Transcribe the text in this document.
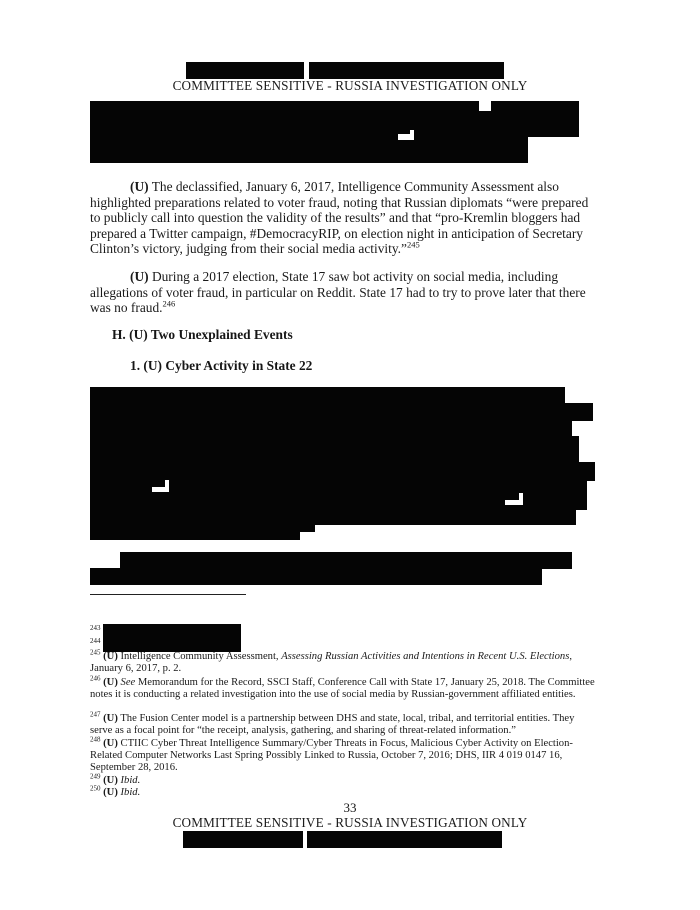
COMMITTEE SENSITIVE - RUSSIA INVESTIGATION ONLY

(U) The declassified, January 6, 2017, Intelligence Community Assessment also highlighted preparations related to voter fraud, noting that Russian diplomats “were prepared to publicly call into question the validity of the results” and that “pro-Kremlin bloggers had prepared a Twitter campaign, #DemocracyRIP, on election night in anticipation of Secretary Clinton’s victory, judging from their social media activity.”$^{245}$

(U) During a 2017 election, State 17 saw bot activity on social media, including allegations of voter fraud, in particular on Reddit. State 17 had to try to prove later that there was no fraud.$^{246}$

H. (U) Two Unexplained Events

1. (U) Cyber Activity in State 22

243
244

$^{245}$ (U) Intelligence Community Assessment, Assessing Russian Activities and Intentions in Recent U.S. Elections, January 6, 2017, p. 2.

$^{246}$ (U) See Memorandum for the Record, SSCI Staff, Conference Call with State 17, January 25, 2018. The Committee notes it is conducting a related investigation into the use of social media by Russian-government affiliated entities.

$^{247}$ (U) The Fusion Center model is a partnership between DHS and state, local, tribal, and territorial entities. They serve as a focal point for “the receipt, analysis, gathering, and sharing of threat-related information.”

$^{248}$ (U) CTIIC Cyber Threat Intelligence Summary/Cyber Threats in Focus, Malicious Cyber Activity on Election-Related Computer Networks Last Spring Possibly Linked to Russia, October 7, 2016; DHS, IIR 4 019 0147 16, September 28, 2016.

$^{249}$ (U) Ibid.

$^{250}$ (U) Ibid.

33
COMMITTEE SENSITIVE - RUSSIA INVESTIGATION ONLY
